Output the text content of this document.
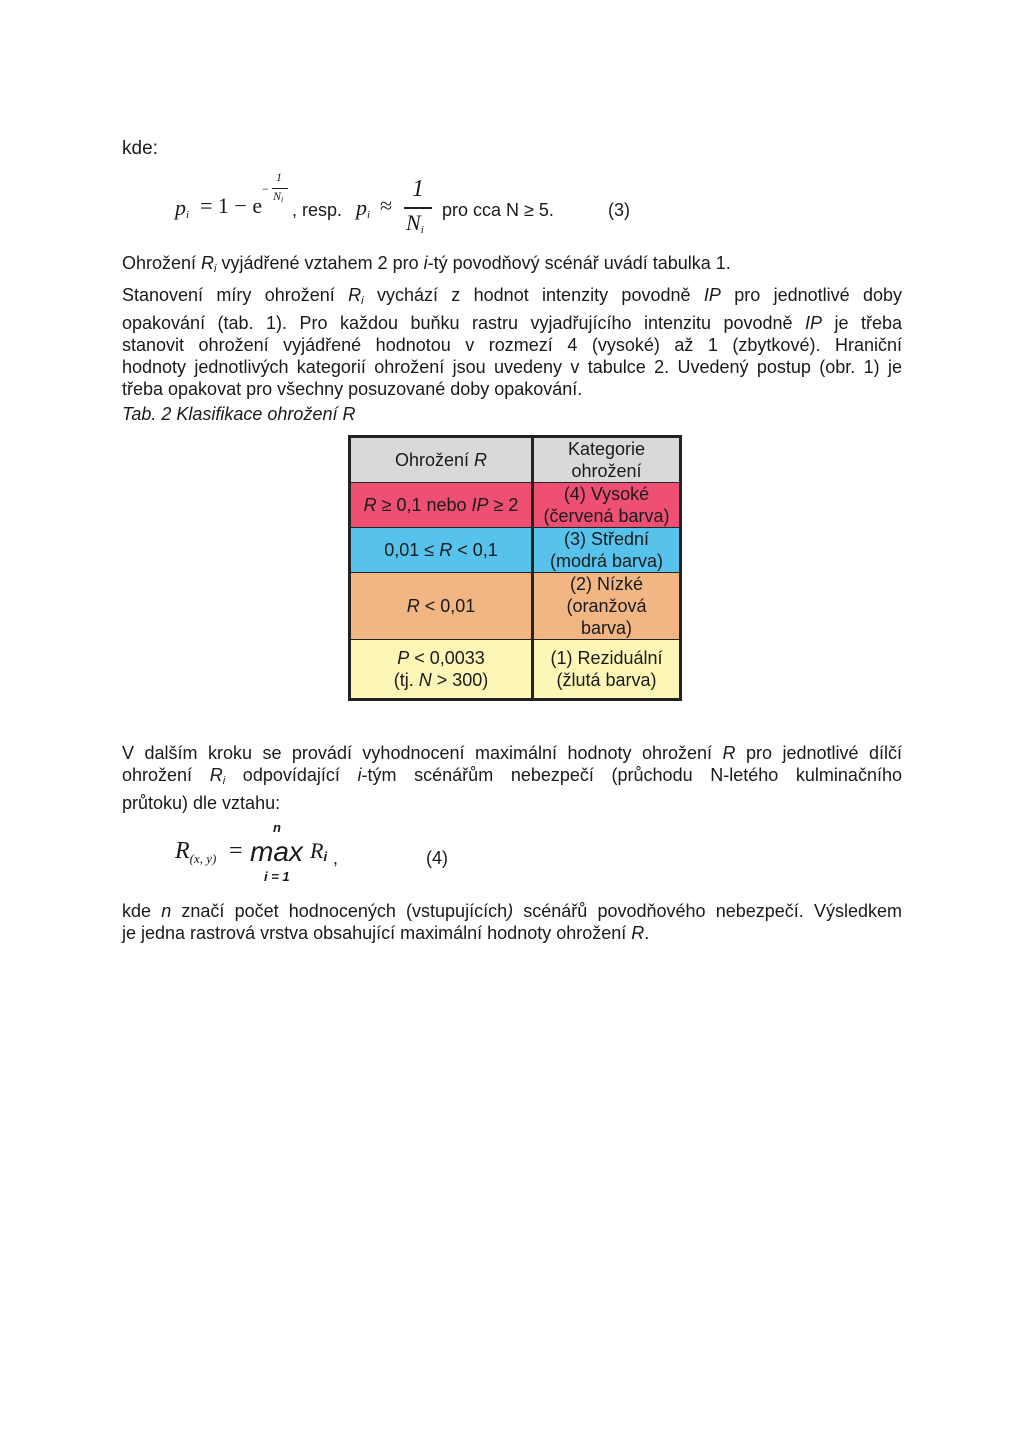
kde:
$p_i = 1 - e$
1
− $N_i$
, resp. $p_i$ ≈
1
$N_i$
pro cca N ≥ 5.	(3)
Ohrožení $R_i$ vyjádřené vztahem 2 pro i-tý povodňový scénář uvádí tabulka 1.
Stanovení míry ohrožení $R_i$ vychází z hodnot intenzity povodně IP pro jednotlivé doby
opakování (tab. 1). Pro každou buňku rastru vyjadřujícího intenzitu povodně IP je třeba
stanovit ohrožení vyjádřené hodnotou v rozmezí 4 (vysoké) až 1 (zbytkové). Hraniční
hodnoty jednotlivých kategorií ohrožení jsou uvedeny v tabulce 2. Uvedený postup (obr. 1) je
třeba opakovat pro všechny posuzované doby opakování.
Tab. 2 Klasifikace ohrožení R
Ohrožení R	Kategorie
ohrožení
R ≥ 0,1 nebo IP ≥ 2	(4) Vysoké
(červená barva)
0,01 ≤ R < 0,1	(3) Střední
(modrá barva)
R < 0,01	(2) Nízké
(oranžová
barva)
P < 0,0033
(tj. N > 300)	(1) Reziduální
(žlutá barva)
V dalším kroku se provádí vyhodnocení maximální hodnoty ohrožení R pro jednotlivé dílčí
ohrožení $R_i$ odpovídající i-tým scénářům nebezpečí (průchodu N-letého kulminačního
průtoku) dle vztahu:
n
$R_{(x, y)} = \max R_i$ ,
i = 1
(4)
kde n značí počet hodnocených (vstupujících) scénářů povodňového nebezpečí. Výsledkem
je jedna rastrová vrstva obsahující maximální hodnoty ohrožení R.
